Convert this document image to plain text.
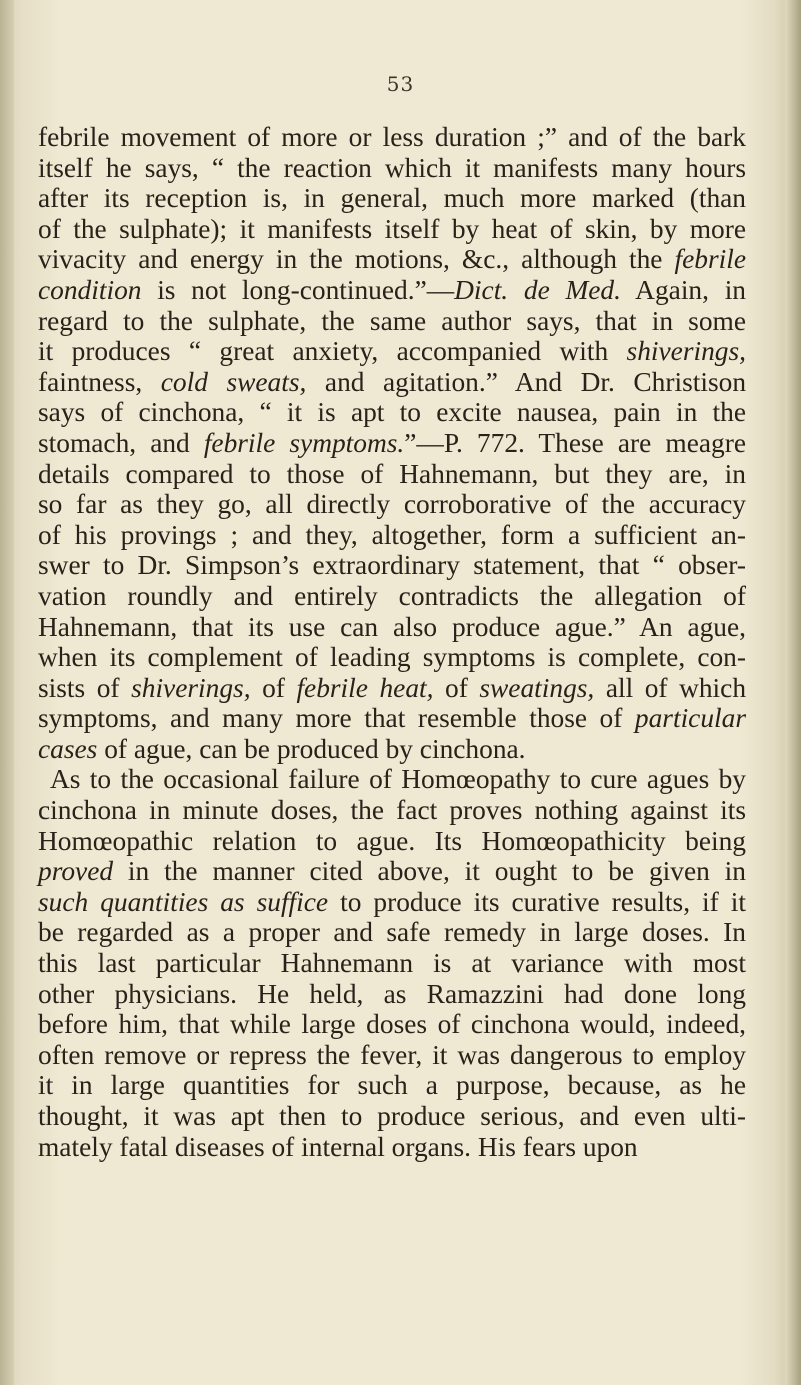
53
febrile movement of more or less duration ;” and of the bark
itself he says, “ the reaction which it manifests many hours
after its reception is, in general, much more marked (than
of the sulphate); it manifests itself by heat of skin, by more
vivacity and energy in the motions, &c., although the febrile
condition is not long-continued.”—Dict. de Med. Again, in
regard to the sulphate, the same author says, that in some
it produces “ great anxiety, accompanied with shiverings,
faintness, cold sweats, and agitation.” And Dr. Christison
says of cinchona, “ it is apt to excite nausea, pain in the
stomach, and febrile symptoms.”—P. 772. These are meagre
details compared to those of Hahnemann, but they are, in
so far as they go, all directly corroborative of the accuracy
of his provings ; and they, altogether, form a sufficient an-
swer to Dr. Simpson’s extraordinary statement, that “ obser-
vation roundly and entirely contradicts the allegation of
Hahnemann, that its use can also produce ague.” An ague,
when its complement of leading symptoms is complete, con-
sists of shiverings, of febrile heat, of sweatings, all of which
symptoms, and many more that resemble those of particular
cases of ague, can be produced by cinchona.
As to the occasional failure of Homœopathy to cure agues by
cinchona in minute doses, the fact proves nothing against its
Homœopathic relation to ague. Its Homœopathicity being
proved in the manner cited above, it ought to be given in
such quantities as suffice to produce its curative results, if it
be regarded as a proper and safe remedy in large doses. In
this last particular Hahnemann is at variance with most
other physicians. He held, as Ramazzini had done long
before him, that while large doses of cinchona would, indeed,
often remove or repress the fever, it was dangerous to employ
it in large quantities for such a purpose, because, as he
thought, it was apt then to produce serious, and even ulti-
mately fatal diseases of internal organs. His fears upon
